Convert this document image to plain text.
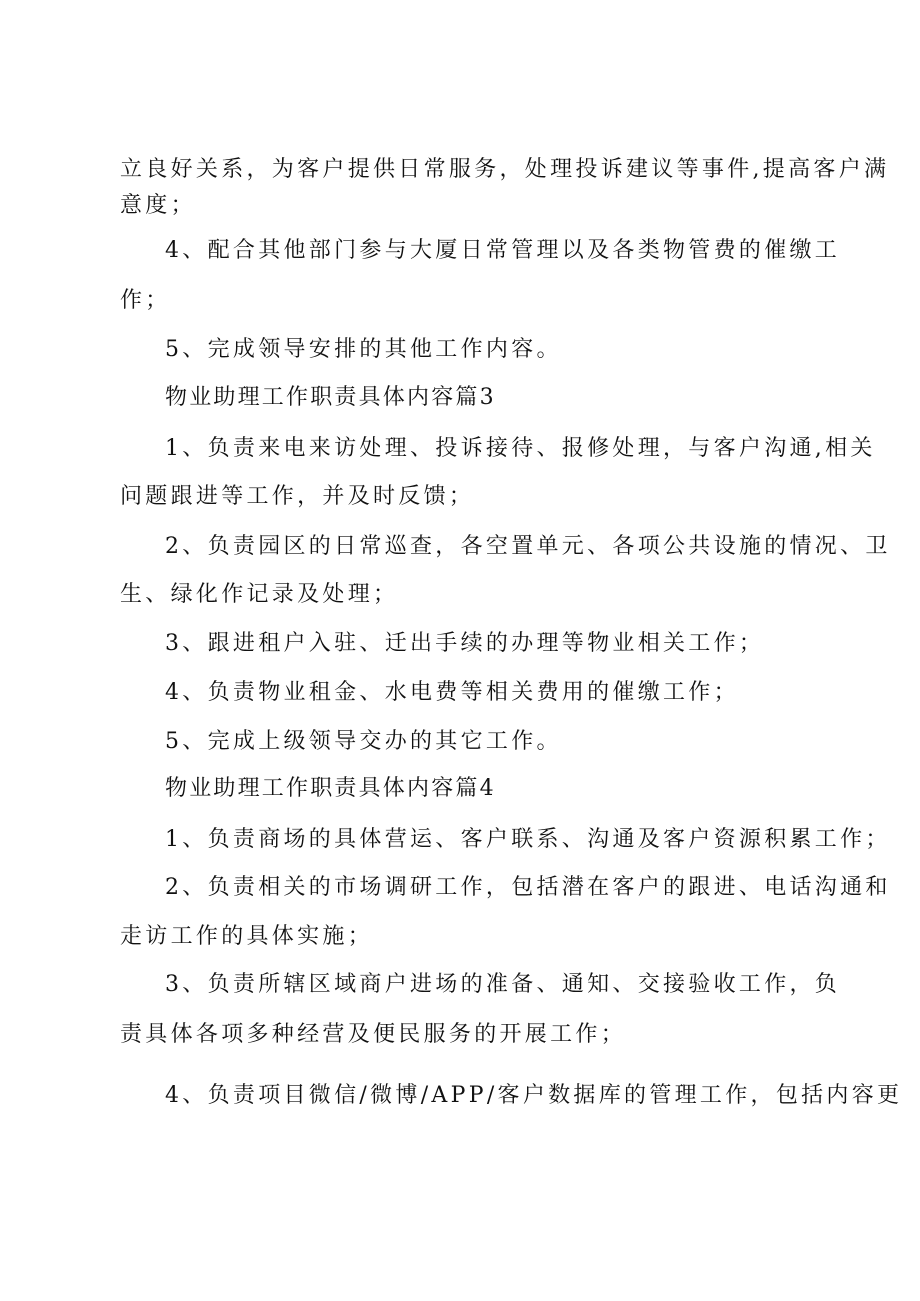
立良好关系，为客户提供日常服务，处理投诉建议等事件,提高客户满

意度；

4、配合其他部门参与大厦日常管理以及各类物管费的催缴工

作；

5、完成领导安排的其他工作内容。

物业助理工作职责具体内容篇3

1、负责来电来访处理、投诉接待、报修处理，与客户沟通,相关

问题跟进等工作，并及时反馈；

2、负责园区的日常巡查，各空置单元、各项公共设施的情况、卫

生、绿化作记录及处理；

3、跟进租户入驻、迁出手续的办理等物业相关工作；

4、负责物业租金、水电费等相关费用的催缴工作；

5、完成上级领导交办的其它工作。

物业助理工作职责具体内容篇4

1、负责商场的具体营运、客户联系、沟通及客户资源积累工作；

2、负责相关的市场调研工作，包括潜在客户的跟进、电话沟通和

走访工作的具体实施；

3、负责所辖区域商户进场的准备、通知、交接验收工作，负

责具体各项多种经营及便民服务的开展工作；

4、负责项目微信/微博/APP/客户数据库的管理工作，包括内容更
